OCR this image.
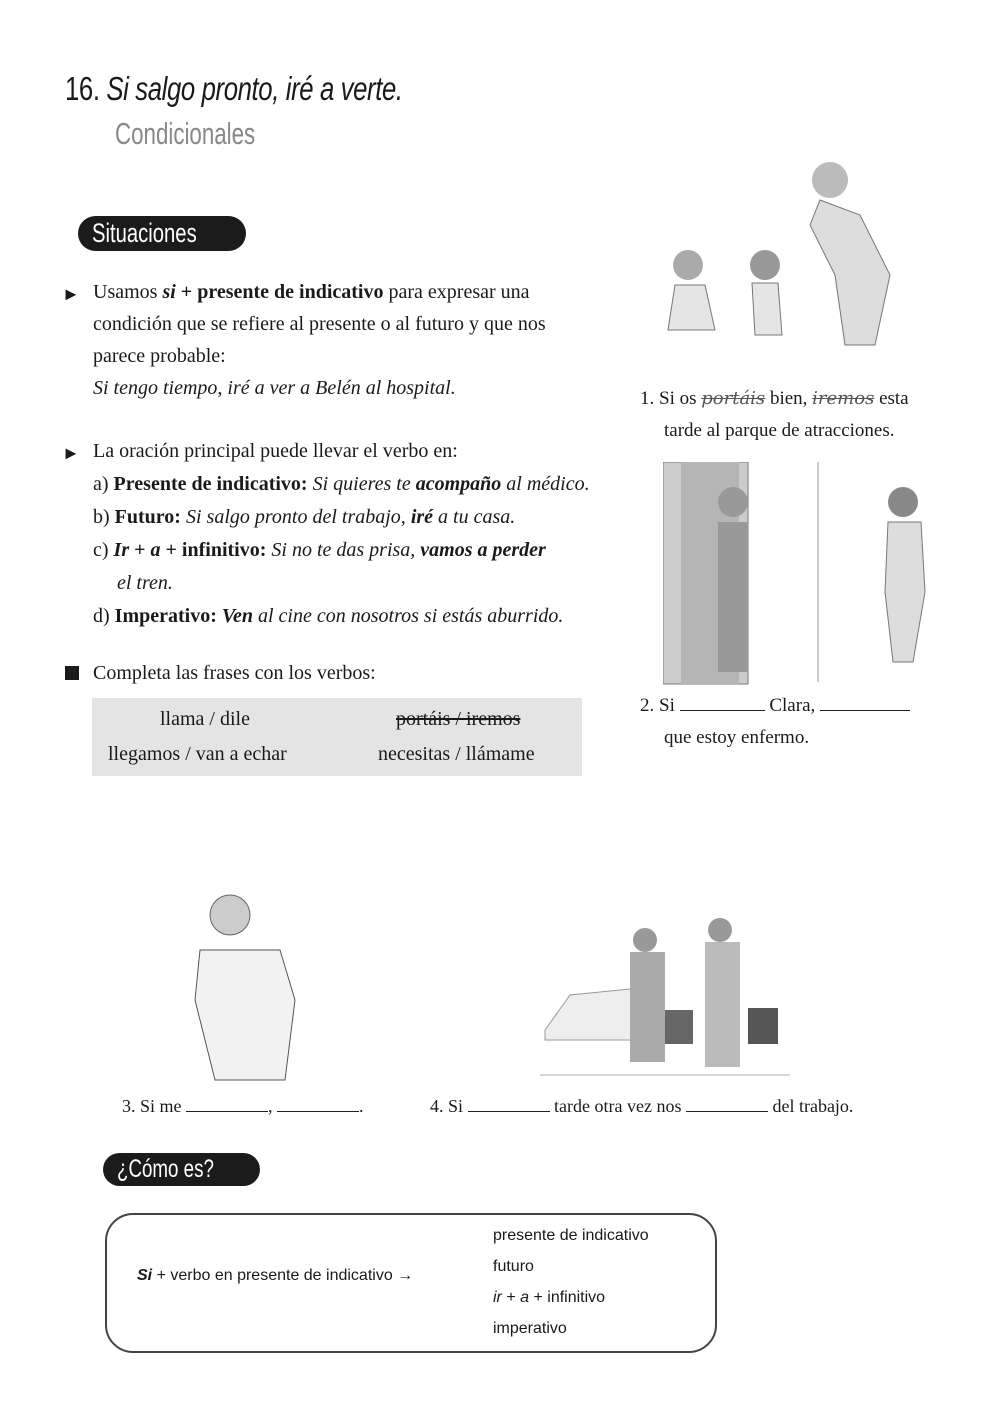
16. Si salgo pronto, iré a verte.
Condicionales
Situaciones
► Usamos si + presente de indicativo para expresar una
condición que se refiere al presente o al futuro y que nos
parece probable:
Si tengo tiempo, iré a ver a Belén al hospital.
► La oración principal puede llevar el verbo en:
a) Presente de indicativo: Si quieres te acompaño al médico.
b) Futuro: Si salgo pronto del trabajo, iré a tu casa.
c) Ir + a + infinitivo: Si no te das prisa, vamos a perder
el tren.
d) Imperativo: Ven al cine con nosotros si estás aburrido.
Completa las frases con los verbos:
llama / dile	portáis / iremos
llegamos / van a echar	necesitas / llámame
1. Si os portáis bien, iremos esta
tarde al parque de atracciones.
2. Si	Clara,
que estoy enfermo.
3. Si me	,	.	4. Si	tarde otra vez nos	del trabajo.
¿Cómo es?
Si + verbo en presente de indicativo →
presente de indicativo
futuro
ir + a + infinitivo
imperativo
